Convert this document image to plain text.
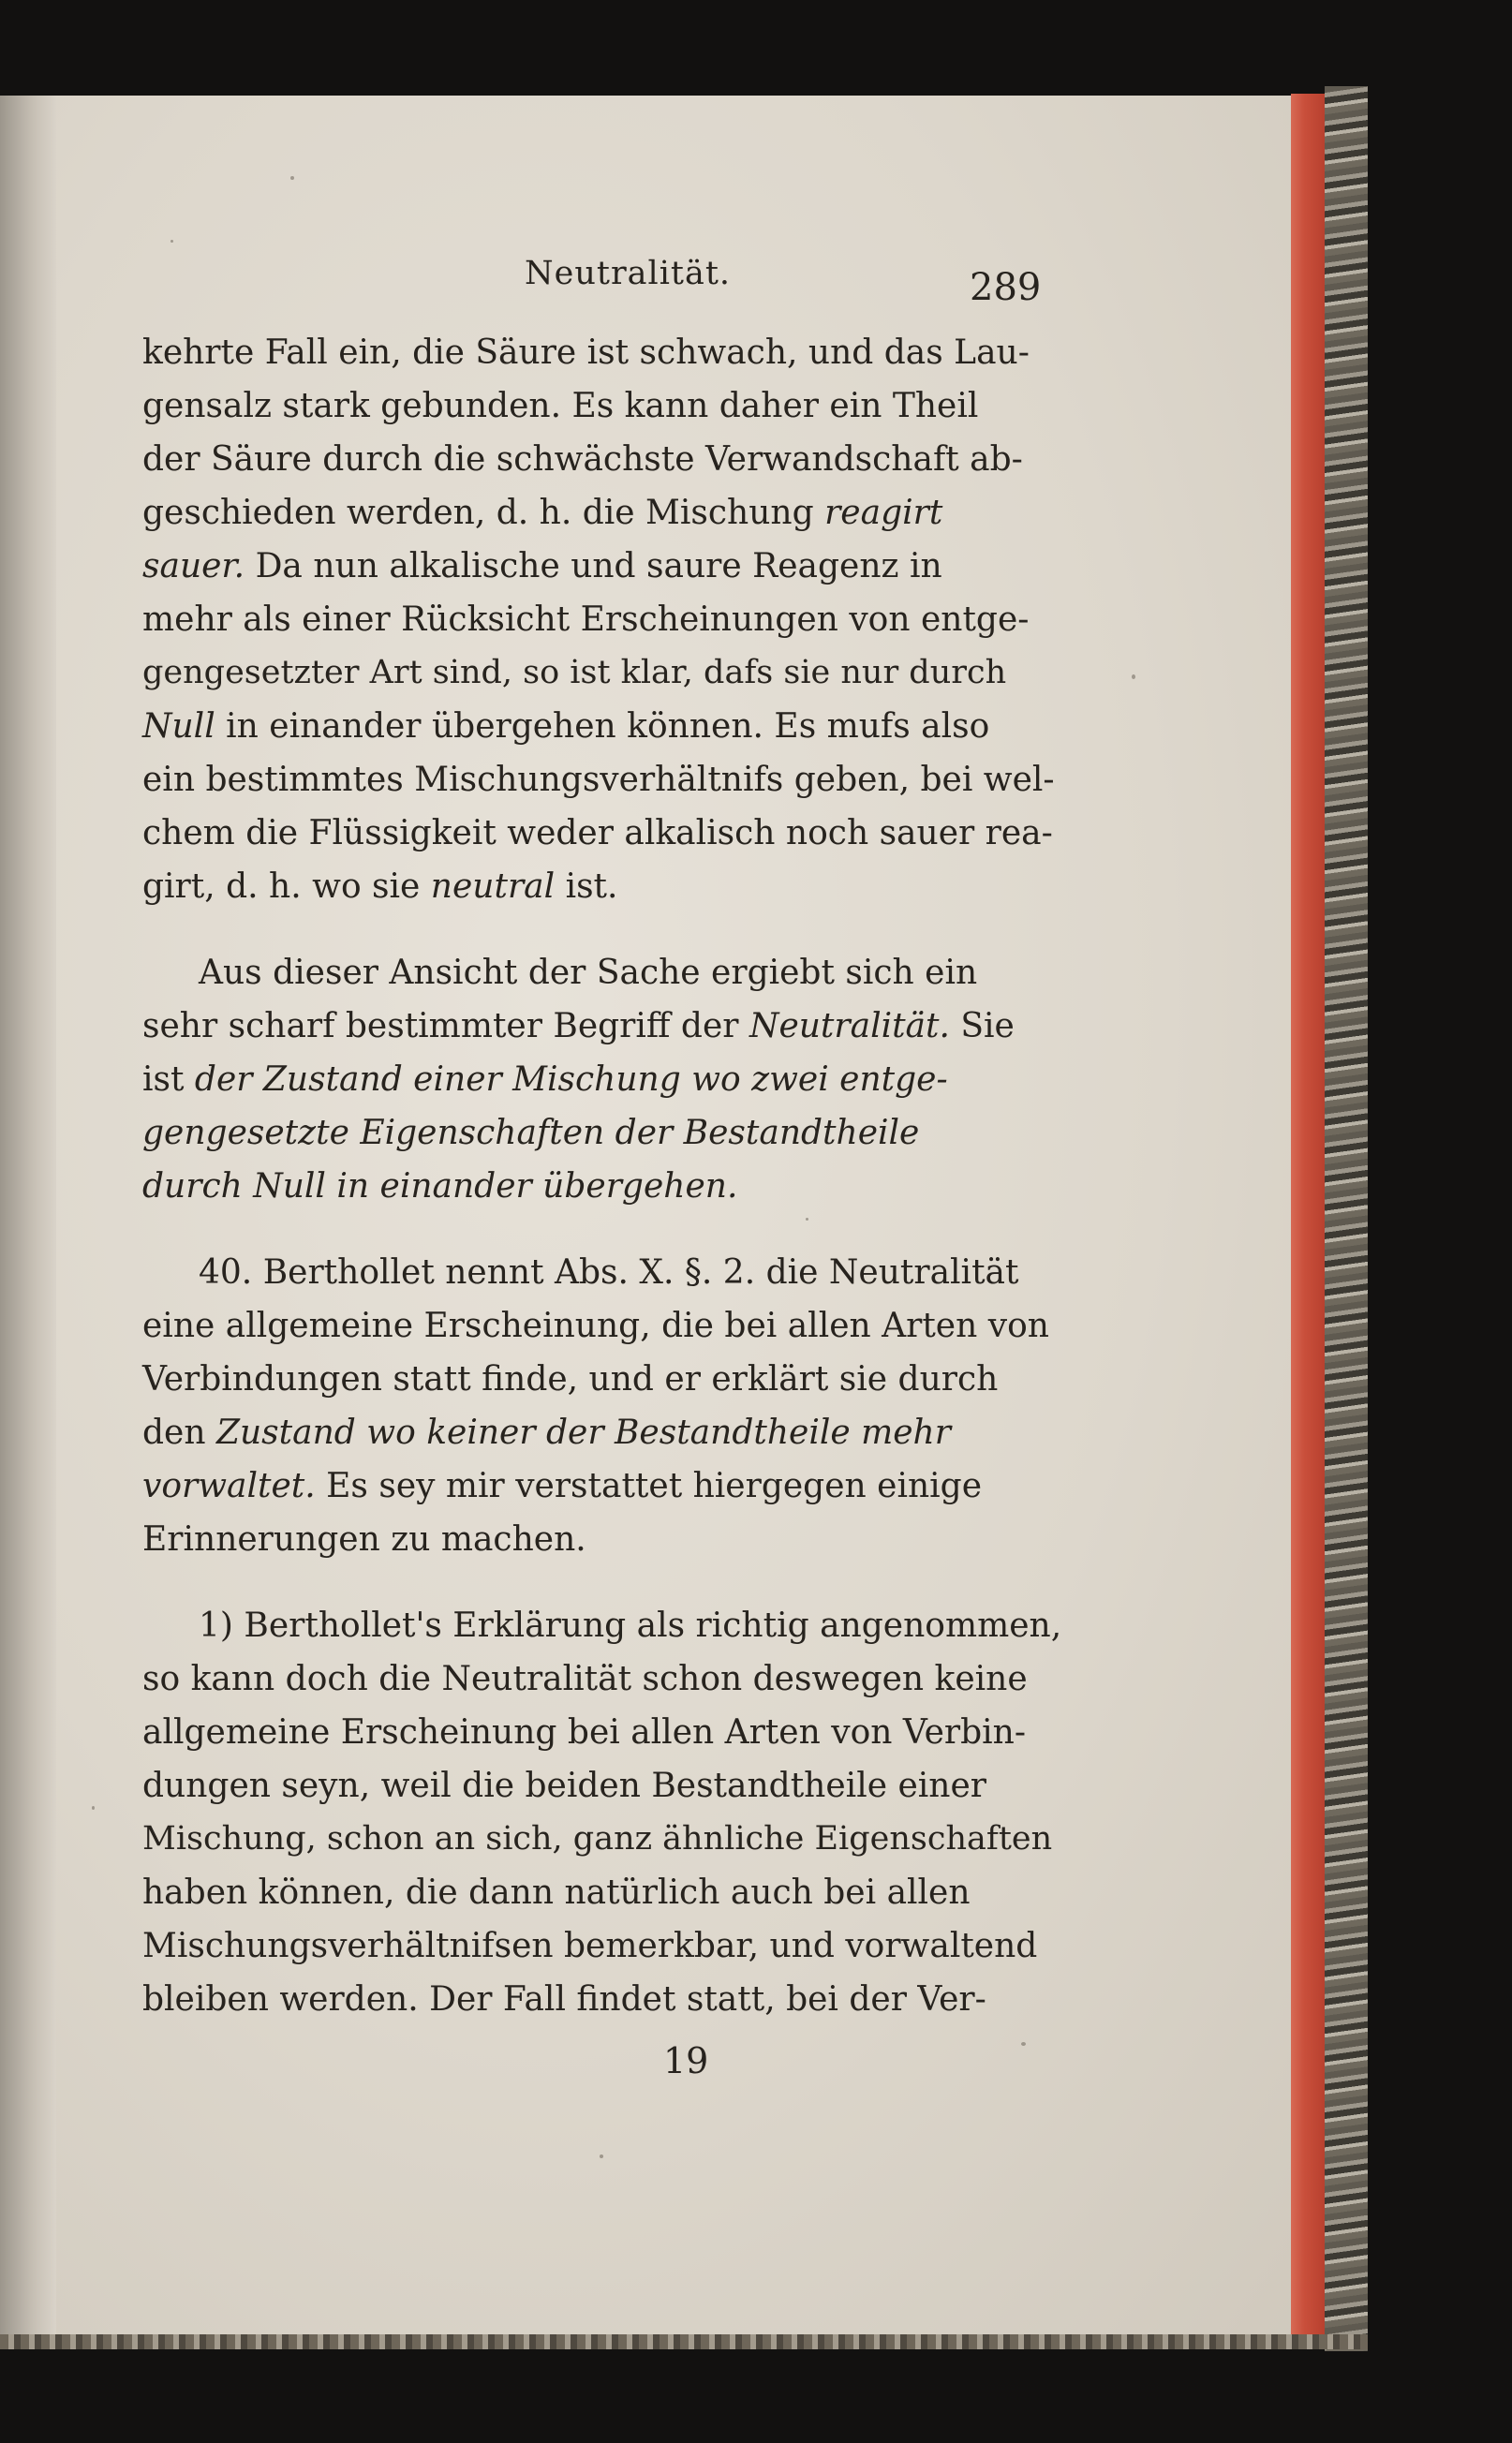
Neutralität.	289
kehrte Fall ein, die Säure ist schwach, und das Lau-
gensalz stark gebunden. Es kann daher ein Theil
der Säure durch die schwächste Verwandschaft ab-
geschieden werden, d. h. die Mischung reagirt
sauer. Da nun alkalische und saure Reagenz in
mehr als einer Rücksicht Erscheinungen von entge-
gengesetzter Art sind, so ist klar, dafs sie nur durch
Null in einander übergehen können. Es mufs also
ein bestimmtes Mischungsverhältnifs geben, bei wel-
chem die Flüssigkeit weder alkalisch noch sauer rea-
girt, d. h. wo sie neutral ist.
Aus dieser Ansicht der Sache ergiebt sich ein
sehr scharf bestimmter Begriff der Neutralität. Sie
ist der Zustand einer Mischung wo zwei entge-
gengesetzte Eigenschaften der Bestandtheile
durch Null in einander übergehen.
40. Berthollet nennt Abs. X. §. 2. die Neutralität
eine allgemeine Erscheinung, die bei allen Arten von
Verbindungen statt finde, und er erklärt sie durch
den Zustand wo keiner der Bestandtheile mehr
vorwaltet. Es sey mir verstattet hiergegen einige
Erinnerungen zu machen.
1) Berthollet's Erklärung als richtig angenommen,
so kann doch die Neutralität schon deswegen keine
allgemeine Erscheinung bei allen Arten von Verbin-
dungen seyn, weil die beiden Bestandtheile einer
Mischung, schon an sich, ganz ähnliche Eigenschaften
haben können, die dann natürlich auch bei allen
Mischungsverhältnifsen bemerkbar, und vorwaltend
bleiben werden. Der Fall findet statt, bei der Ver-
19
